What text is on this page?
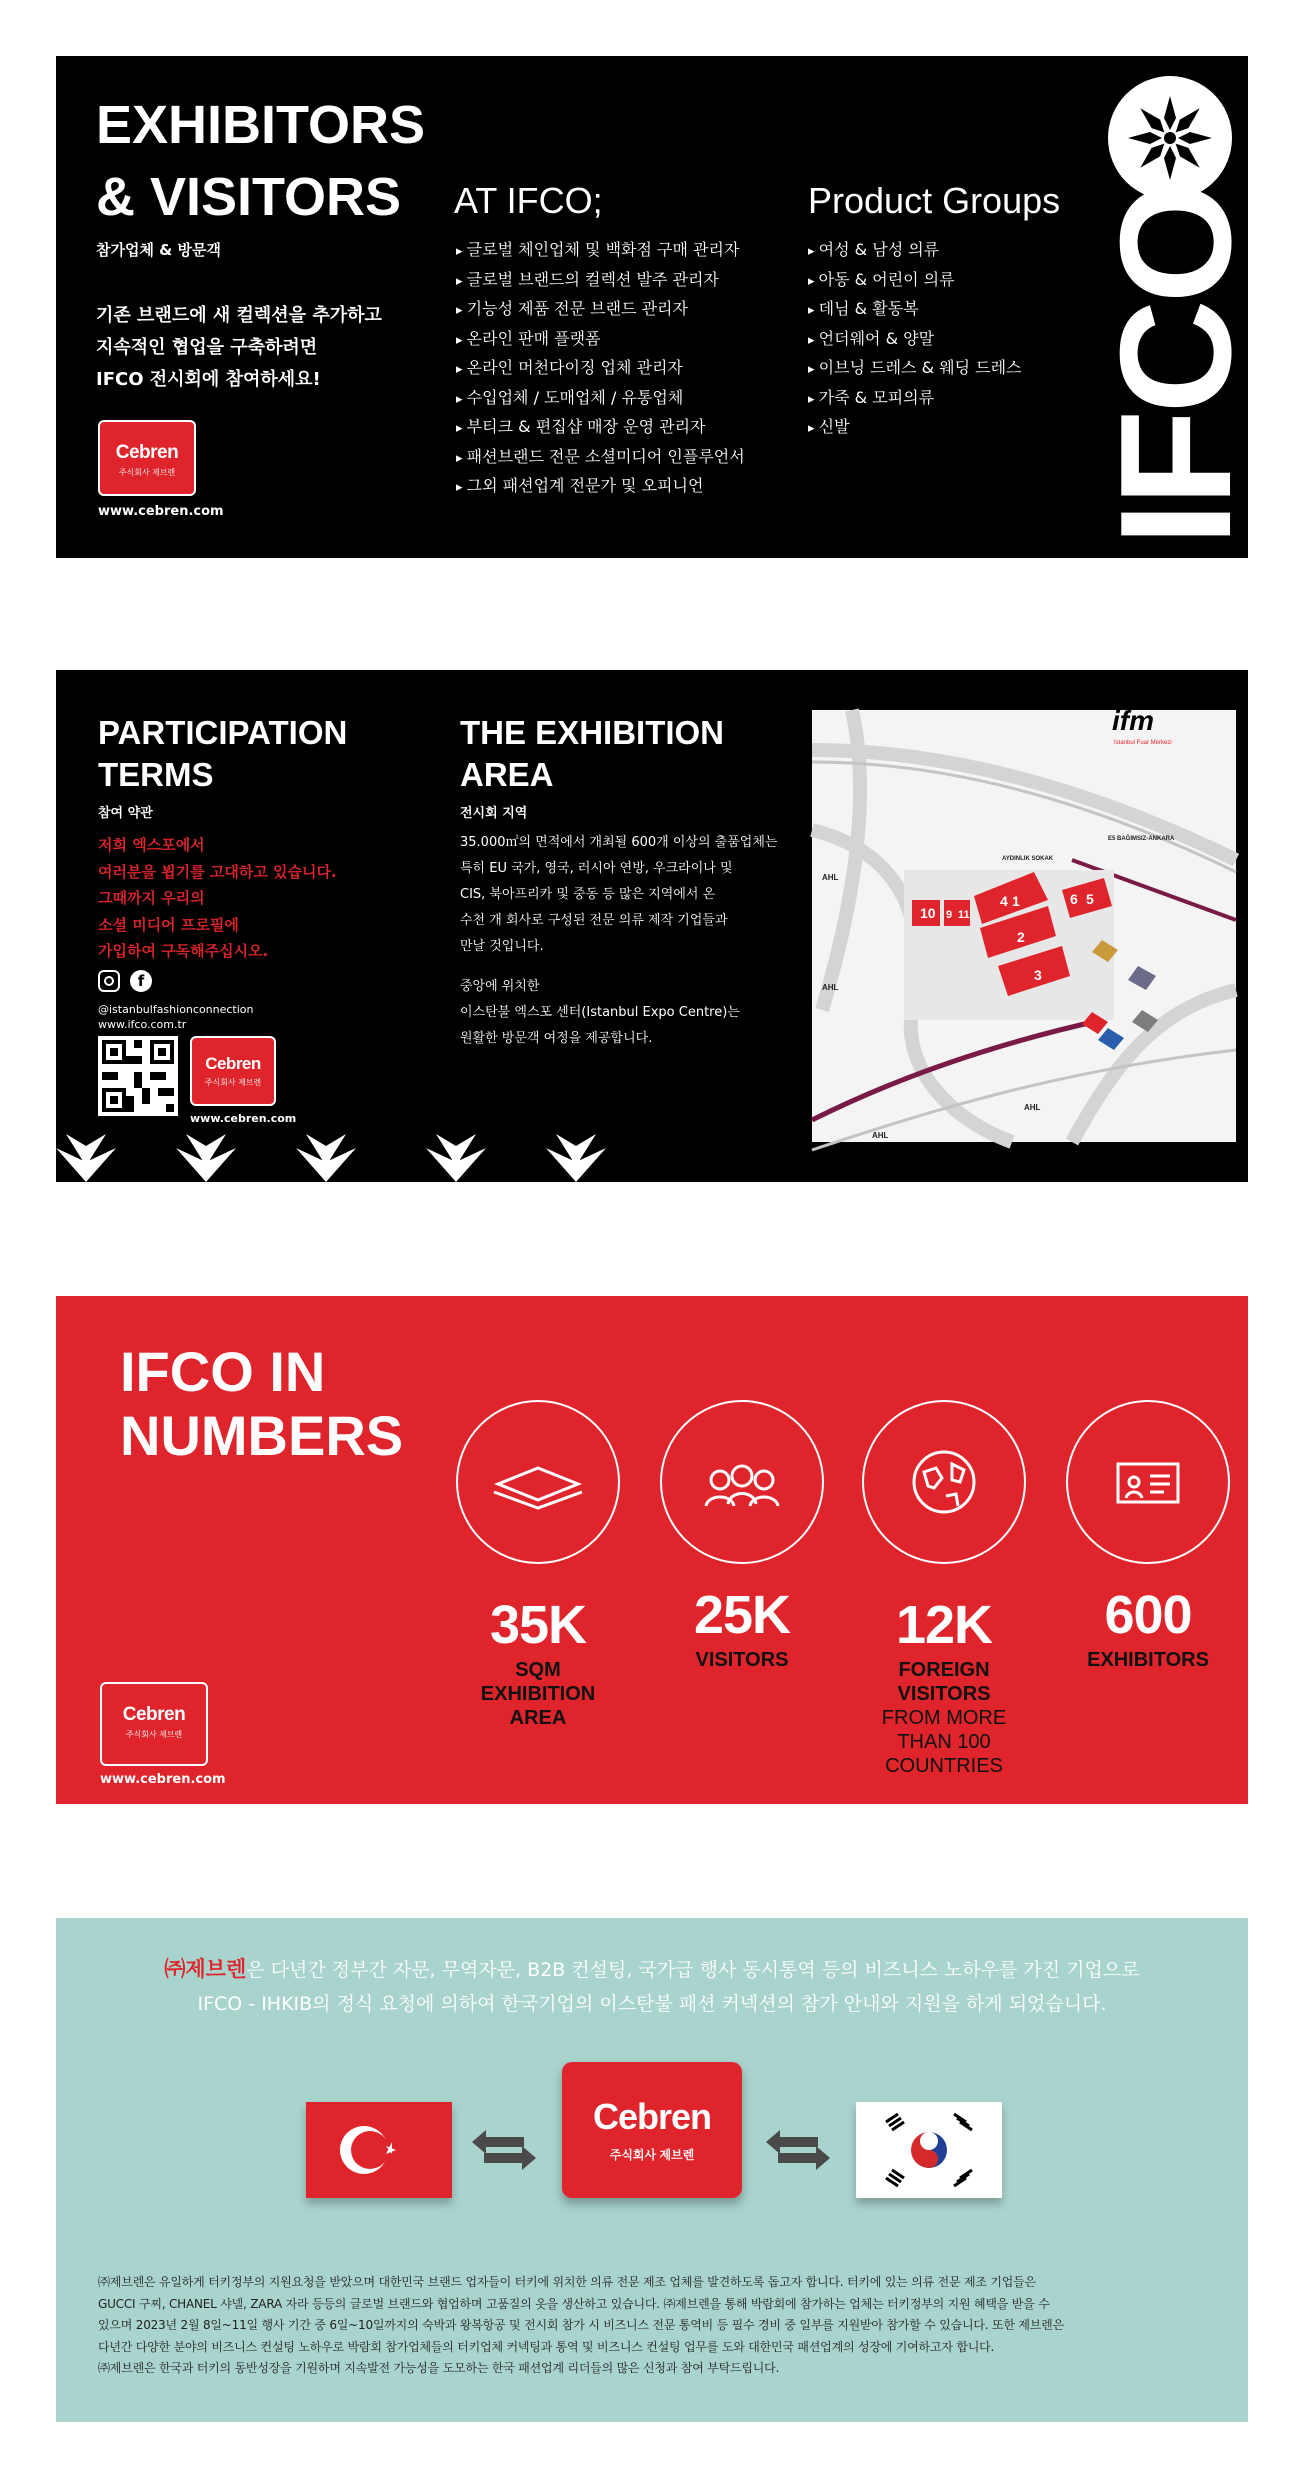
EXHIBITORS
& VISITORS AT IFCO;
참가업체 & 방문객
기존 브랜드에 새 컬렉션을 추가하고
지속적인 협업을 구축하려면
IFCO 전시회에 참여하세요!
Cebren
주식회사 제브렌
www.cebren.com
▸ 글로벌 체인업체 및 백화점 구매 관리자
▸ 글로벌 브랜드의 컬렉션 발주 관리자
▸ 기능성 제품 전문 브랜드 관리자
▸ 온라인 판매 플랫폼
▸ 온라인 머천다이징 업체 관리자
▸ 수입업체 / 도매업체 / 유통업체
▸ 부티크 & 편집샵 매장 운영 관리자
▸ 패션브랜드 전문 소셜미디어 인플루언서
▸ 그외 패션업계 전문가 및 오피니언
Product Groups
▸ 여성 & 남성 의류
▸ 아동 & 어린이 의류
▸ 데님 & 활동복
▸ 언더웨어 & 양말
▸ 이브닝 드레스 & 웨딩 드레스
▸ 가죽 & 모피의류
▸ 신발	IFCO
PARTICIPATION
TERMS
참여 약관
저희 엑스포에서
여러분을 뵙기를 고대하고 있습니다.
그때까지 우리의
소셜 미디어 프로필에
가입하여 구독해주십시오.
f
@istanbulfashionconnection
www.ifco.com.tr
Cebren
주식회사 제브렌
www.cebren.com
THE EXHIBITION
AREA
전시회 지역
35.000㎡의 면적에서 개최될 600개 이상의 출품업체는
특히 EU 국가, 영국, 러시아 연방, 우크라이나 및
CIS, 북아프리카 및 중동 등 많은 지역에서 온
수천 개 회사로 구성된 전문 의류 제작 기업들과
만날 것입니다.
중앙에 위치한
이스탄불 엑스포 센터(Istanbul Expo Centre)는
원활한 방문객 여정을 제공합니다.
10 9 11
1
2
3
4	5
6
ifm
Istanbul Fuar Merkezi
AHL
AHL
AHL
AHL
E5 BAĞIMSIZ-ANKARA
AYDINLIK SOKAK
IFCO IN
NUMBERS
Cebren
주식회사 제브렌
www.cebren.com
35K
SQM
EXHIBITION
AREA
25K
VISITORS
12K
FOREIGN
VISITORS
FROM MORE
THAN 100
COUNTRIES
600
EXHIBITORS
㈜제브렌은 다년간 정부간 자문, 무역자문, B2B 컨설팅, 국가급 행사 동시통역 등의 비즈니스 노하우를 가진 기업으로
IFCO - IHKIB의 정식 요청에 의하여 한국기업의 이스탄불 패션 커넥션의 참가 안내와 지원을 하게 되었습니다.
Cebren
주식회사 제브렌
㈜제브렌은 유일하게 터키정부의 지원요청을 받았으며 대한민국 브랜드 업자들이 터키에 위치한 의류 전문 제조 업체를 발견하도록 돕고자 합니다. 터키에 있는 의류 전문 제조 기업들은
GUCCI 구찌, CHANEL 샤넬, ZARA 자라 등등의 글로벌 브랜드와 협업하며 고품질의 옷을 생산하고 있습니다. ㈜제브렌을 통해 박람회에 참가하는 업체는 터키정부의 지원 혜택을 받을 수
있으며 2023년 2월 8일~11일 행사 기간 중 6일~10일까지의 숙박과 왕복항공 및 전시회 참가 시 비즈니스 전문 통역비 등 필수 경비 중 일부를 지원받아 참가할 수 있습니다. 또한 제브렌은
다년간 다양한 분야의 비즈니스 컨설팅 노하우로 박람회 참가업체들의 터키업체 커넥팅과 통역 및 비즈니스 컨설팅 업무를 도와 대한민국 패션업계의 성장에 기여하고자 합니다.
㈜제브렌은 한국과 터키의 동반성장을 기원하며 지속발전 가능성을 도모하는 한국 패션업계 리더들의 많은 신청과 참여 부탁드립니다.
